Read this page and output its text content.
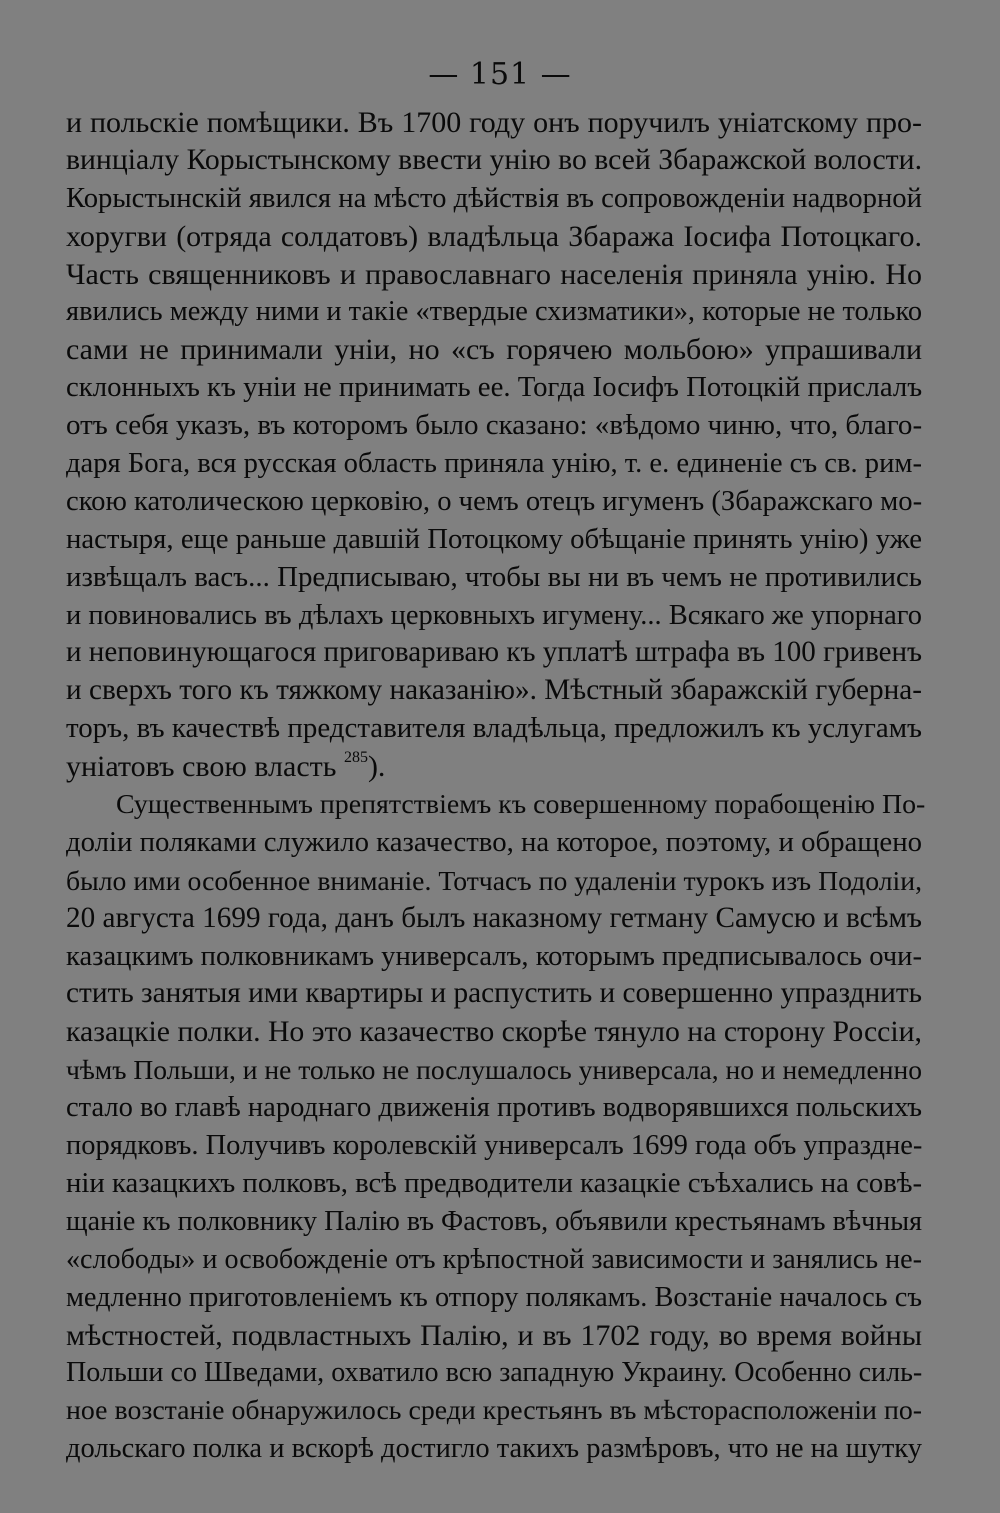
— 151 —
и польскіе помѣщики. Въ 1700 году онъ поручилъ уніатскому про-
винціалу Корыстынскому ввести унію во всей Збаражской волости.
Корыстынскій явился на мѣсто дѣйствія въ сопровожденіи надворной
хоругви (отряда солдатовъ) владѣльца Збаража Іосифа Потоцкаго.
Часть священниковъ и православнаго населенія приняла унію. Но
явились между ними и такіе «твердые схизматики», которые не только
сами не принимали уніи, но «съ горячею мольбою» упрашивали
склонныхъ къ уніи не принимать ее. Тогда Іосифъ Потоцкій прислалъ
отъ себя указъ, въ которомъ было сказано: «вѣдомо чиню, что, благо-
даря Бога, вся русская область приняла унію, т. е. единеніе съ св. рим-
скою католическою церковію, о чемъ отецъ игуменъ (Збаражскаго мо-
настыря, еще раньше давшій Потоцкому обѣщаніе принять унію) уже
извѣщалъ васъ... Предписываю, чтобы вы ни въ чемъ не противились
и повиновались въ дѣлахъ церковныхъ игумену... Всякаго же упорнаго
и неповинующагося приговариваю къ уплатѣ штрафа въ 100 гривенъ
и сверхъ того къ тяжкому наказанію». Мѣстный збаражскій губерна-
торъ, въ качествѣ представителя владѣльца, предложилъ къ услугамъ
уніатовъ свою власть $^{285}$).
Существеннымъ препятствіемъ къ совершенному порабощенію По-
доліи поляками служило казачество, на которое, поэтому, и обращено
было ими особенное вниманіе. Тотчасъ по удаленіи турокъ изъ Подоліи,
20 августа 1699 года, данъ былъ наказному гетману Самусю и всѣмъ
казацкимъ полковникамъ универсалъ, которымъ предписывалось очи-
стить занятыя ими квартиры и распустить и совершенно упразднить
казацкіе полки. Но это казачество скорѣе тянуло на сторону Россіи,
чѣмъ Польши, и не только не послушалось универсала, но и немедленно
стало во главѣ народнаго движенія противъ водворявшихся польскихъ
порядковъ. Получивъ королевскій универсалъ 1699 года объ упраздне-
ніи казацкихъ полковъ, всѣ предводители казацкіе съѣхались на совѣ-
щаніе къ полковнику Палію въ Фастовъ, объявили крестьянамъ вѣчныя
«слободы» и освобожденіе отъ крѣпостной зависимости и занялись не-
медленно приготовленіемъ къ отпору полякамъ. Возстаніе началось съ
мѣстностей, подвластныхъ Палію, и въ 1702 году, во время войны
Польши со Шведами, охватило всю западную Украину. Особенно силь-
ное возстаніе обнаружилось среди крестьянъ въ мѣсторасположеніи по-
дольскаго полка и вскорѣ достигло такихъ размѣровъ, что не на шутку
